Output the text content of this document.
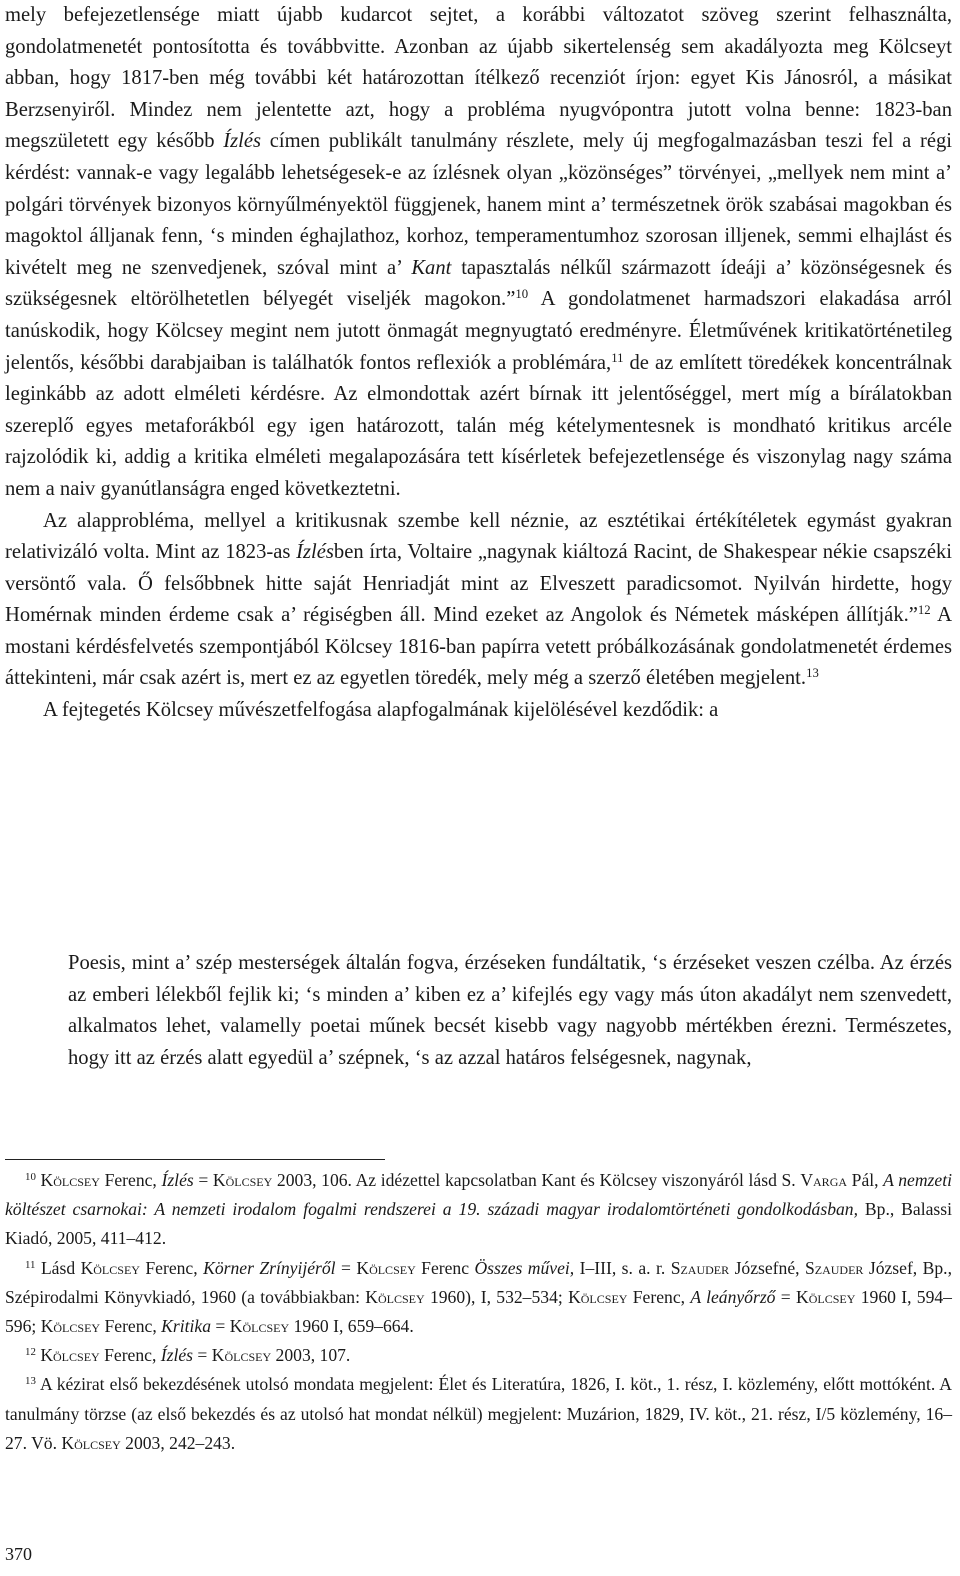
mely befejezetlensége miatt újabb kudarcot sejtet, a korábbi változatot szöveg szerint felhasználta, gondolatmenetét pontosította és továbbvitte. Azonban az újabb sikertelenség sem akadályozta meg Kölcseyt abban, hogy 1817-ben még további két határozottan ítélkező recenziót írjon: egyet Kis Jánosról, a másikat Berzsenyiről. Mindez nem jelentette azt, hogy a probléma nyugvópontra jutott volna benne: 1823-ban megszületett egy később Ízlés címen publikált tanulmány részlete, mely új megfogalmazásban teszi fel a régi kérdést: vannak-e vagy legalább lehetségesek-e az ízlésnek olyan „közönséges” törvényei, „mellyek nem mint a’ polgári törvények bizonyos környűlményektöl függjenek, hanem mint a’ természetnek örök szabásai magokban és magoktol álljanak fenn, ‘s minden éghajlathoz, korhoz, temperamentumhoz szorosan illjenek, semmi elhajlást és kivételt meg ne szenvedjenek, szóval mint a’ Kant tapasztalás nélkűl származott ídeáji a’ közönségesnek és szükségesnek eltörölhetetlen bélyegét viseljék magokon.”$^{10}$ A gondolatmenet harmadszori elakadása arról tanúskodik, hogy Kölcsey megint nem jutott önmagát megnyugtató eredményre. Életművének kritikatörténetileg jelentős, későbbi darabjaiban is találhatók fontos reflexiók a problémára,$^{11}$ de az említett töredékek koncentrálnak leginkább az adott elméleti kérdésre. Az elmondottak azért bírnak itt jelentőséggel, mert míg a bírálatokban szereplő egyes metaforákból egy igen határozott, talán még kételymentesnek is mondható kritikus arcéle rajzolódik ki, addig a kritika elméleti megalapozására tett kísérletek befejezetlensége és viszonylag nagy száma nem a naiv gyanútlanságra enged következtetni.

Az alapprobléma, mellyel a kritikusnak szembe kell néznie, az esztétikai értékítéletek egymást gyakran relativizáló volta. Mint az 1823-as Ízlésben írta, Voltaire „nagynak kiáltozá Racint, de Shakespear nékie csapszéki versöntő vala. Ő felsőbbnek hitte saját Henriadját mint az Elveszett paradicsomot. Nyilván hirdette, hogy Homérnak minden érdeme csak a’ régiségben áll. Mind ezeket az Angolok és Németek másképen állítják.”$^{12}$ A mostani kérdésfelvetés szempontjából Kölcsey 1816-ban papírra vetett próbálkozásának gondolatmenetét érdemes áttekinteni, már csak azért is, mert ez az egyetlen töredék, mely még a szerző életében megjelent.$^{13}$

A fejtegetés Kölcsey művészetfelfogása alapfogalmának kijelölésével kezdődik: a

Poesis, mint a’ szép mesterségek általán fogva, érzéseken fundáltatik, ‘s érzéseket veszen czélba. Az érzés az emberi lélekből fejlik ki; ‘s minden a’ kiben ez a’ kifejlés egy vagy más úton akadályt nem szenvedett, alkalmatos lehet, valamelly poetai műnek becsét kisebb vagy nagyobb mértékben érezni. Természetes, hogy itt az érzés alatt egyedül a’ szépnek, ‘s az azzal határos felségesnek, nagynak,

$^{10}$ Kölcsey Ferenc, Ízlés = Kölcsey 2003, 106. Az idézettel kapcsolatban Kant és Kölcsey viszonyáról lásd S. Varga Pál, A nemzeti költészet csarnokai: A nemzeti irodalom fogalmi rendszerei a 19. századi magyar irodalomtörténeti gondolkodásban, Bp., Balassi Kiadó, 2005, 411–412.

$^{11}$ Lásd Kölcsey Ferenc, Körner Zrínyijéről = Kölcsey Ferenc Összes művei, I–III, s. a. r. Szauder Józsefné, Szauder József, Bp., Szépirodalmi Könyvkiadó, 1960 (a továbbiakban: Kölcsey 1960), I, 532–534; Kölcsey Ferenc, A leányőrző = Kölcsey 1960 I, 594–596; Kölcsey Ferenc, Kritika = Kölcsey 1960 I, 659–664.

$^{12}$ Kölcsey Ferenc, Ízlés = Kölcsey 2003, 107.

$^{13}$ A kézirat első bekezdésének utolsó mondata megjelent: Élet és Literatúra, 1826, I. köt., 1. rész, I. közlemény, előtt mottóként. A tanulmány törzse (az első bekezdés és az utolsó hat mondat nélkül) megjelent: Muzárion, 1829, IV. köt., 21. rész, I/5 közlemény, 16–27. Vö. Kölcsey 2003, 242–243.

370
